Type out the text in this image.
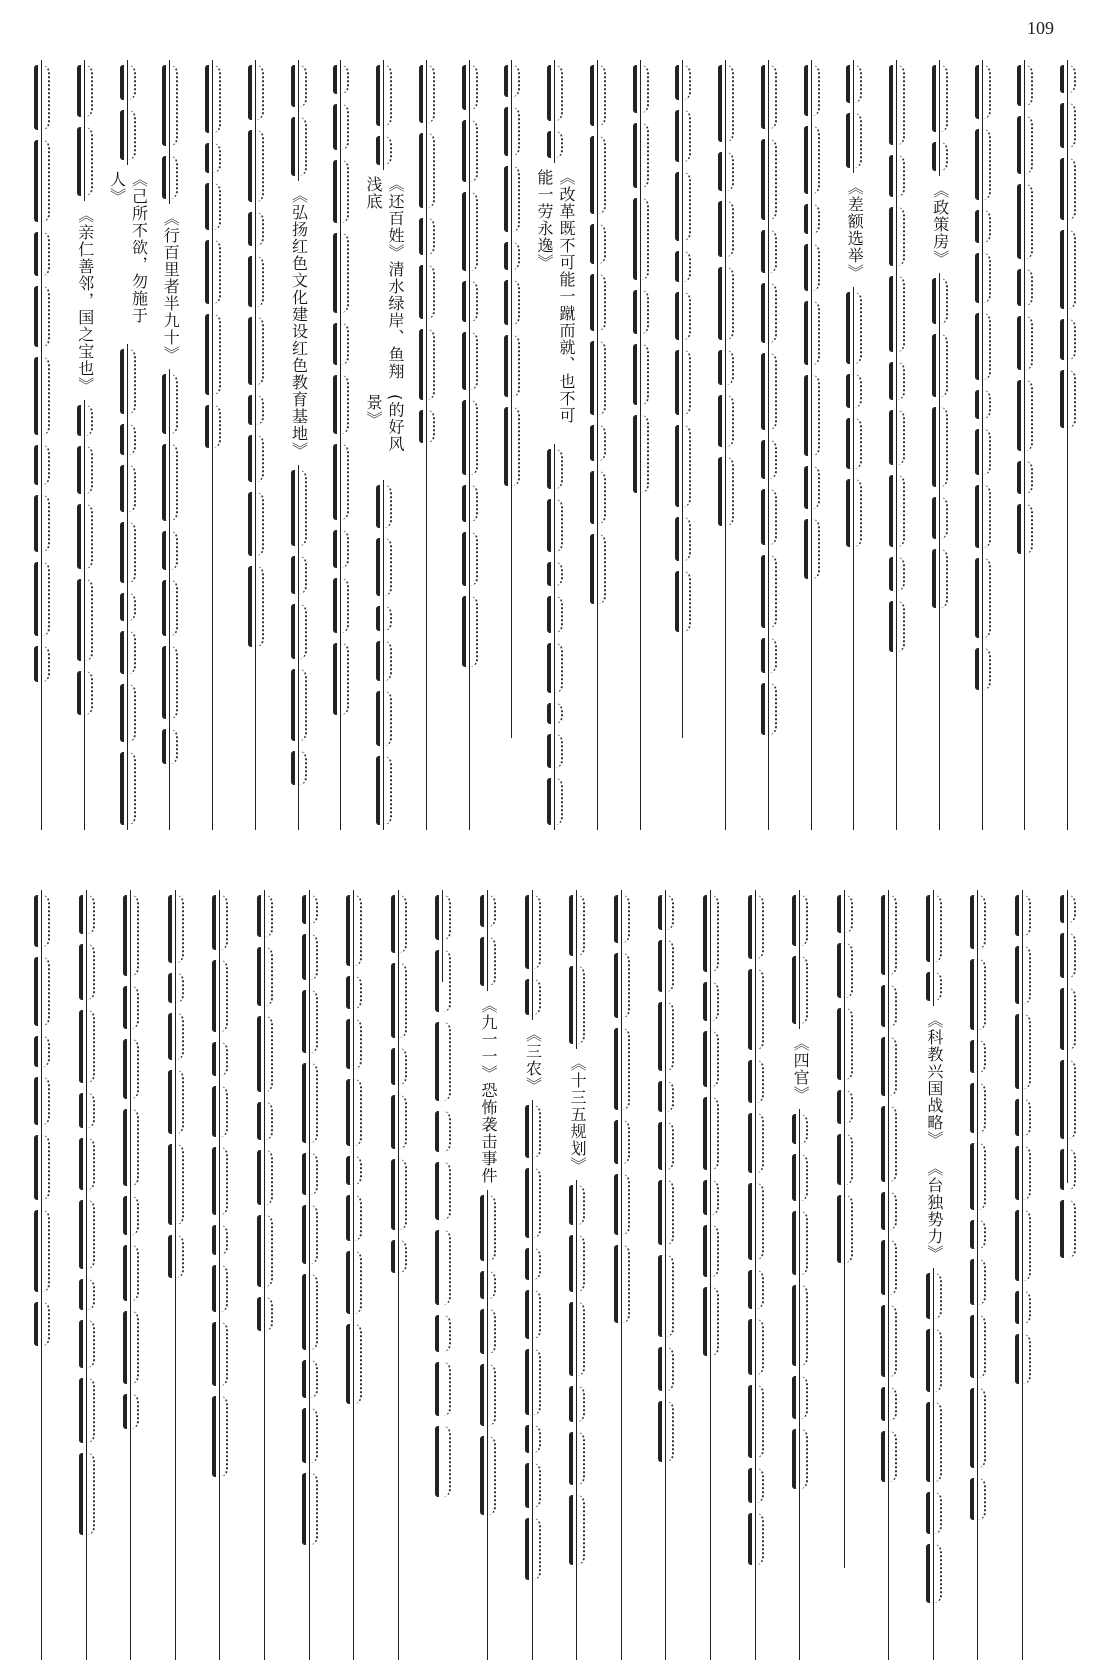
109
《政策房》
《差额选举》
《改革既不可能一蹴而就、也不可能一劳永逸》
《还百姓》清水绿岸、鱼翔浅底
(的好风景》
《弘扬红色文化建设红色教育基地》
《行百里者半九十》
《己所不欲，勿施于人》
《亲仁善邻，国之宝也》
《科教兴国战略》
《台独势力》
《四官》
《十三五规划》
《三农》
《九一一》恐怖袭击事件
